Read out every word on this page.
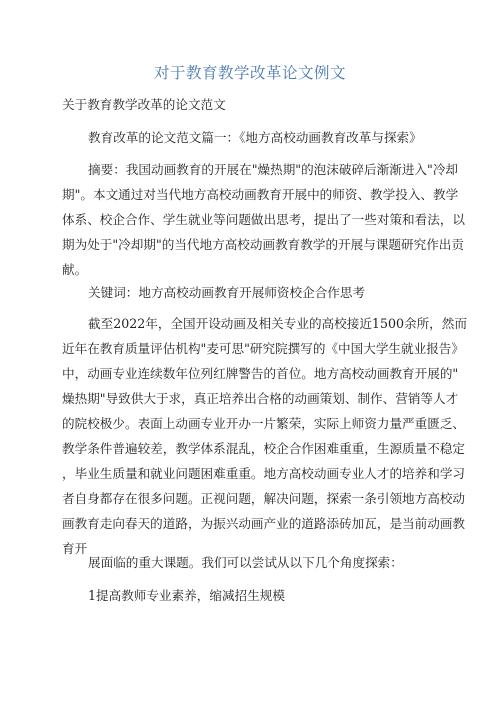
对于教育教学改革论文例文

关于教育教学改革的论文范文

教育改革的论文范文篇一：《地方高校动画教育改革与探索》

摘要：我国动画教育的开展在"燥热期"的泡沫破碎后渐渐进入"冷却
期"。本文通过对当代地方高校动画教育开展中的师资、教学投入、教学
体系、校企合作、学生就业等问题做出思考，提出了一些对策和看法，以
期为处于"冷却期"的当代地方高校动画教育教学的开展与课题研究作出贡
献。

关键词：地方高校动画教育开展师资校企合作思考

截至2022年，全国开设动画及相关专业的高校接近1500余所，然而
近年在教育质量评估机构"麦可思"研究院撰写的《中国大学生就业报告》
中，动画专业连续数年位列红牌警告的首位。地方高校动画教育开展的"
燥热期"导致供大于求，真正培养出合格的动画策划、制作、营销等人才
的院校极少。表面上动画专业开办一片繁荣，实际上师资力量严重匮乏、
教学条件普遍较差，教学体系混乱，校企合作困难重重，生源质量不稳定
，毕业生质量和就业问题困难重重。地方高校动画专业人才的培养和学习
者自身都存在很多问题。正视问题，解决问题，探索一条引领地方高校动
画教育走向春天的道路，为振兴动画产业的道路添砖加瓦，是当前动画教
育开

展面临的重大课题。我们可以尝试从以下几个角度探索：

1提高教师专业素养，缩减招生规模
